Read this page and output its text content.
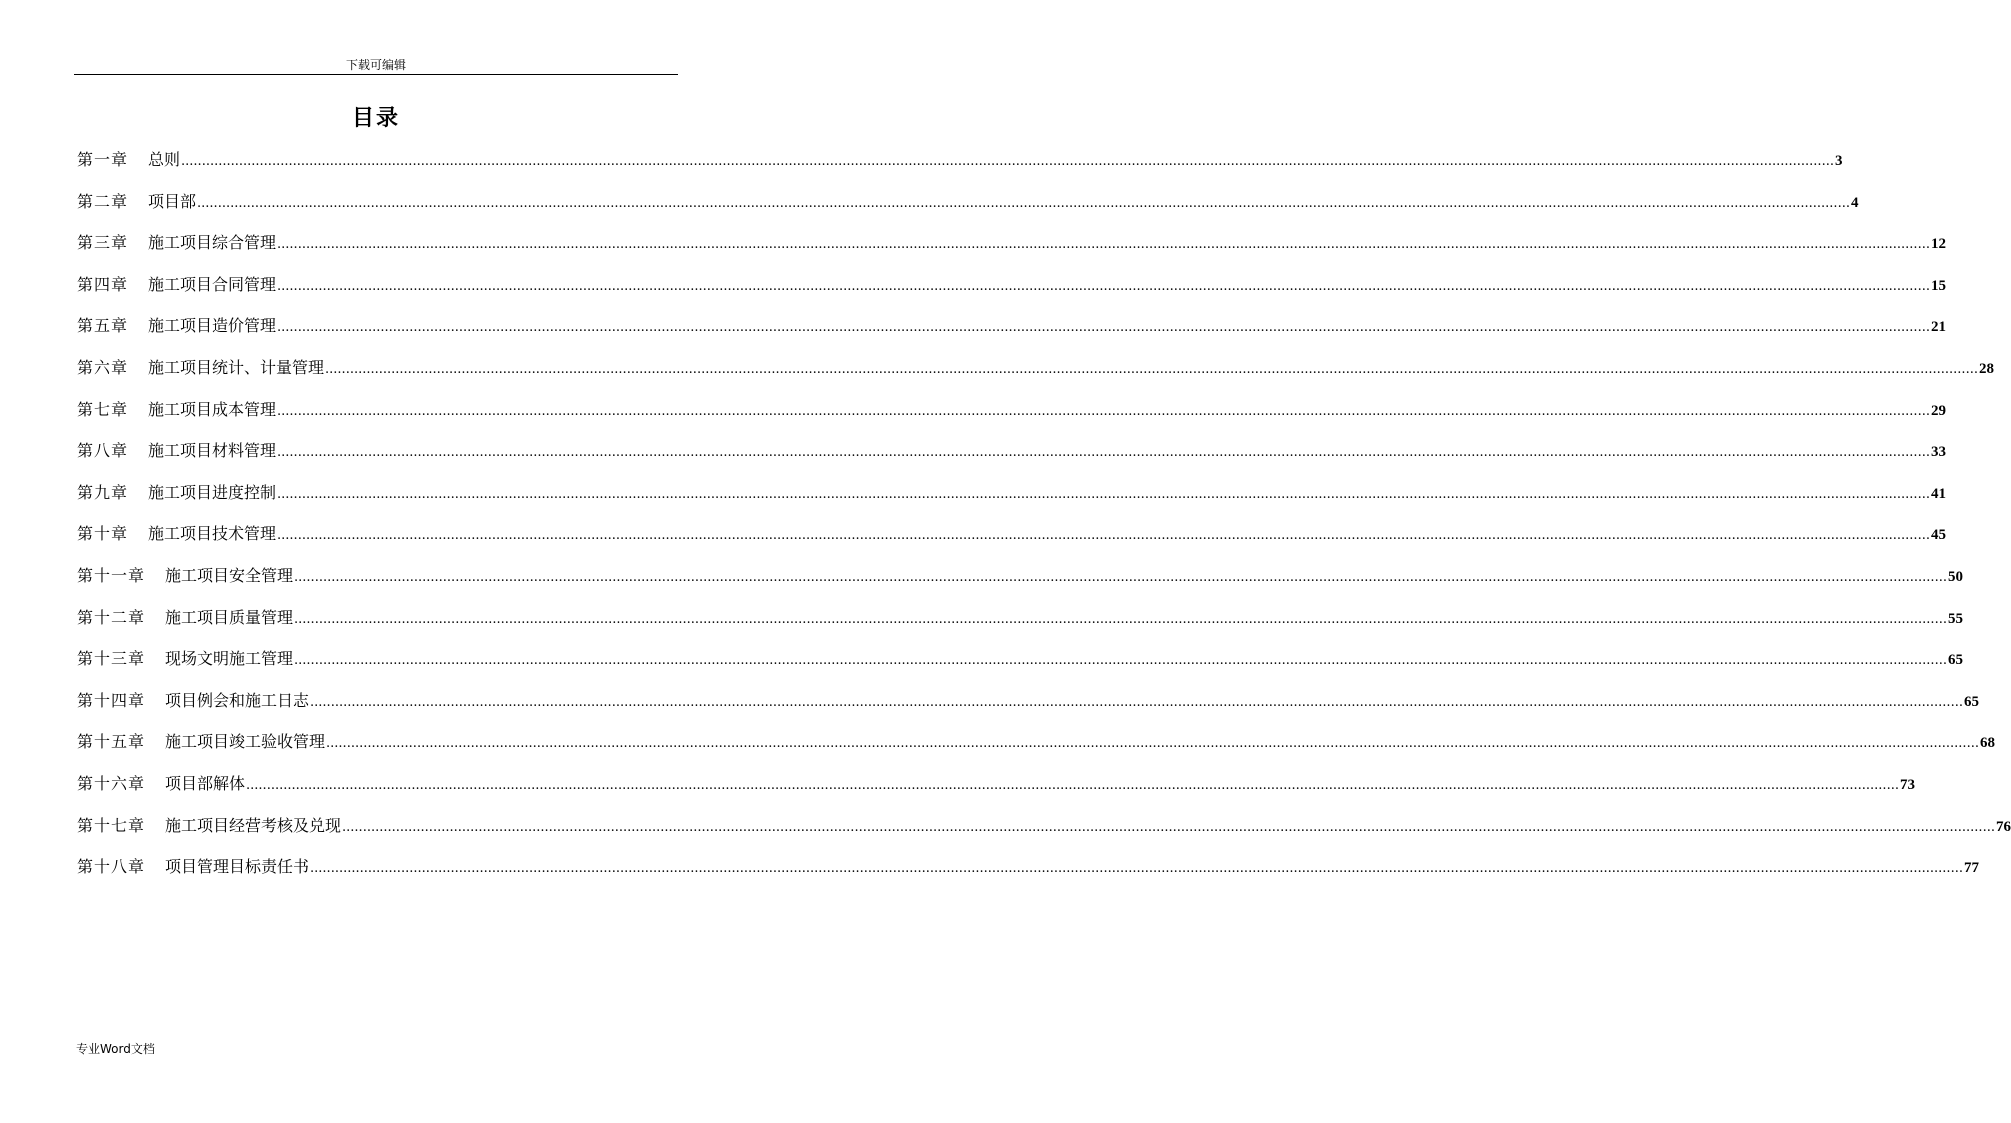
下载可编辑
目录
第一章 总则 ................................................................................................................................................................................................................................................................................................................................................................................................................ 3
第二章 项目部 ................................................................................................................................................................................................................................................................................................................................................................................................................ 4
第三章 施工项目综合管理 ................................................................................................................................................................................................................................................................................................................................................................................................................ 12
第四章 施工项目合同管理 ................................................................................................................................................................................................................................................................................................................................................................................................................ 15
第五章 施工项目造价管理 ................................................................................................................................................................................................................................................................................................................................................................................................................ 21
第六章 施工项目统计、计量管理 ................................................................................................................................................................................................................................................................................................................................................................................................................ 28
第七章 施工项目成本管理 ................................................................................................................................................................................................................................................................................................................................................................................................................ 29
第八章 施工项目材料管理 ................................................................................................................................................................................................................................................................................................................................................................................................................ 33
第九章 施工项目进度控制 ................................................................................................................................................................................................................................................................................................................................................................................................................ 41
第十章 施工项目技术管理 ................................................................................................................................................................................................................................................................................................................................................................................................................ 45
第十一章 施工项目安全管理 ................................................................................................................................................................................................................................................................................................................................................................................................................ 50
第十二章 施工项目质量管理 ................................................................................................................................................................................................................................................................................................................................................................................................................ 55
第十三章 现场文明施工管理 ................................................................................................................................................................................................................................................................................................................................................................................................................ 65
第十四章 项目例会和施工日志 ................................................................................................................................................................................................................................................................................................................................................................................................................ 65
第十五章 施工项目竣工验收管理 ................................................................................................................................................................................................................................................................................................................................................................................................................ 68
第十六章 项目部解体 ................................................................................................................................................................................................................................................................................................................................................................................................................ 73
第十七章 施工项目经营考核及兑现 ................................................................................................................................................................................................................................................................................................................................................................................................................ 76
第十八章 项目管理目标责任书 ................................................................................................................................................................................................................................................................................................................................................................................................................ 77
专业Word文档
